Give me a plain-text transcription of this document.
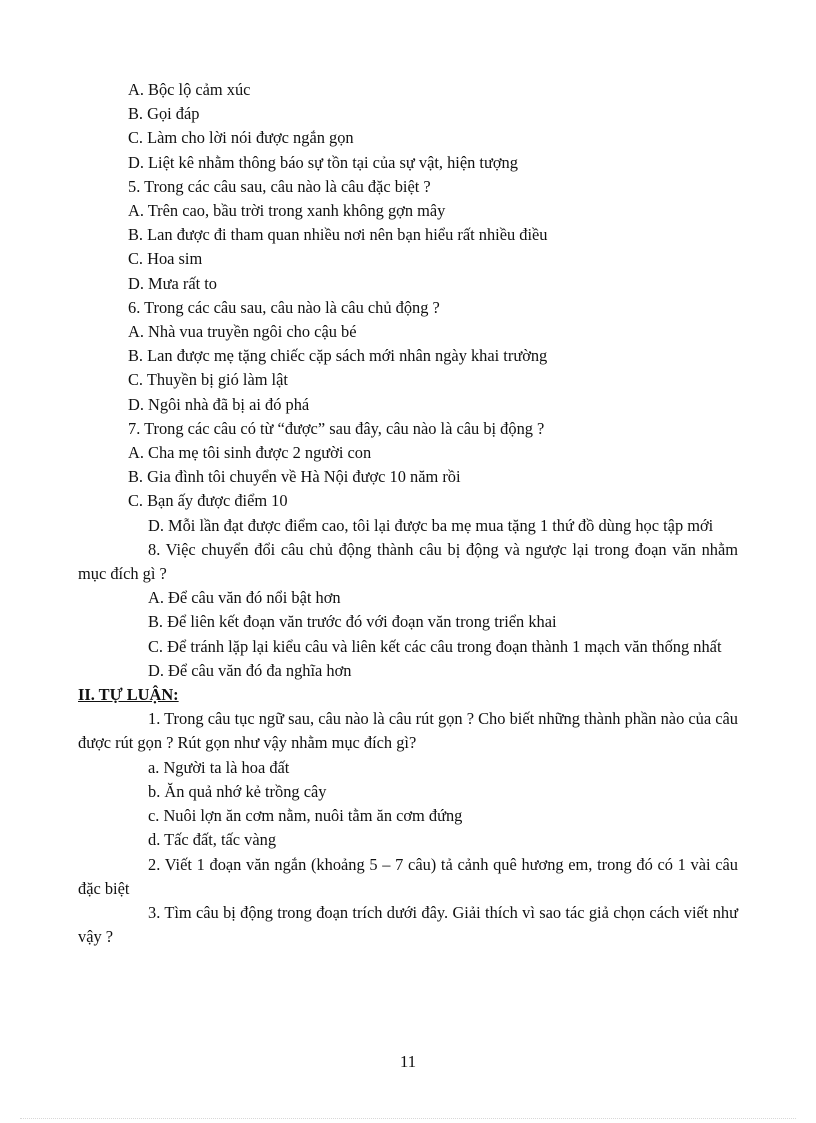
A. Bộc lộ cảm xúc
B. Gọi đáp
C. Làm cho lời nói được ngắn gọn
D. Liệt kê nhằm thông báo sự tồn tại của sự vật, hiện tượng
5. Trong các câu sau, câu nào là câu đặc biệt ?
A. Trên cao, bầu trời trong xanh không gợn mây
B. Lan được đi tham quan nhiều nơi nên bạn hiểu rất nhiều điều
C. Hoa sim
D. Mưa rất to
6. Trong các câu sau, câu nào là câu chủ động ?
A. Nhà vua truyền ngôi cho cậu bé
B. Lan được mẹ tặng chiếc cặp sách mới nhân ngày khai trường
C. Thuyền bị gió làm lật
D. Ngôi nhà đã bị ai đó phá
7. Trong các câu có từ “được” sau đây, câu nào là câu bị động ?
A. Cha mẹ tôi sinh được 2 người con
B. Gia đình tôi chuyển về Hà Nội được 10 năm rồi
C. Bạn ấy được điểm 10
D. Mỗi lần đạt được điểm cao, tôi lại được ba mẹ mua tặng 1 thứ đồ dùng học tập mới
8. Việc chuyển đổi câu chủ động thành câu bị động và ngược lại trong đoạn văn nhằm mục đích gì ?
A. Để câu văn đó nổi bật hơn
B. Để liên kết đoạn văn trước đó với đoạn văn trong triển khai
C. Để tránh lặp lại kiểu câu và liên kết các câu trong đoạn thành 1 mạch văn thống nhất
D. Để câu văn đó đa nghĩa hơn
II. TỰ LUẬN:
1. Trong câu tục ngữ sau, câu nào là câu rút gọn ? Cho biết những thành phần nào của câu được rút gọn ? Rút gọn như vậy nhằm mục đích gì?
a. Người ta là hoa đất
b. Ăn quả nhớ kẻ trồng cây
c. Nuôi lợn ăn cơm nằm, nuôi tằm ăn cơm đứng
d. Tấc đất, tấc vàng
2. Viết 1 đoạn văn ngắn (khoảng 5 – 7 câu) tả cảnh quê hương em, trong đó có 1 vài câu đặc biệt
3. Tìm câu bị động trong đoạn trích dưới đây. Giải thích vì sao tác giả chọn cách viết như vậy ?
11
